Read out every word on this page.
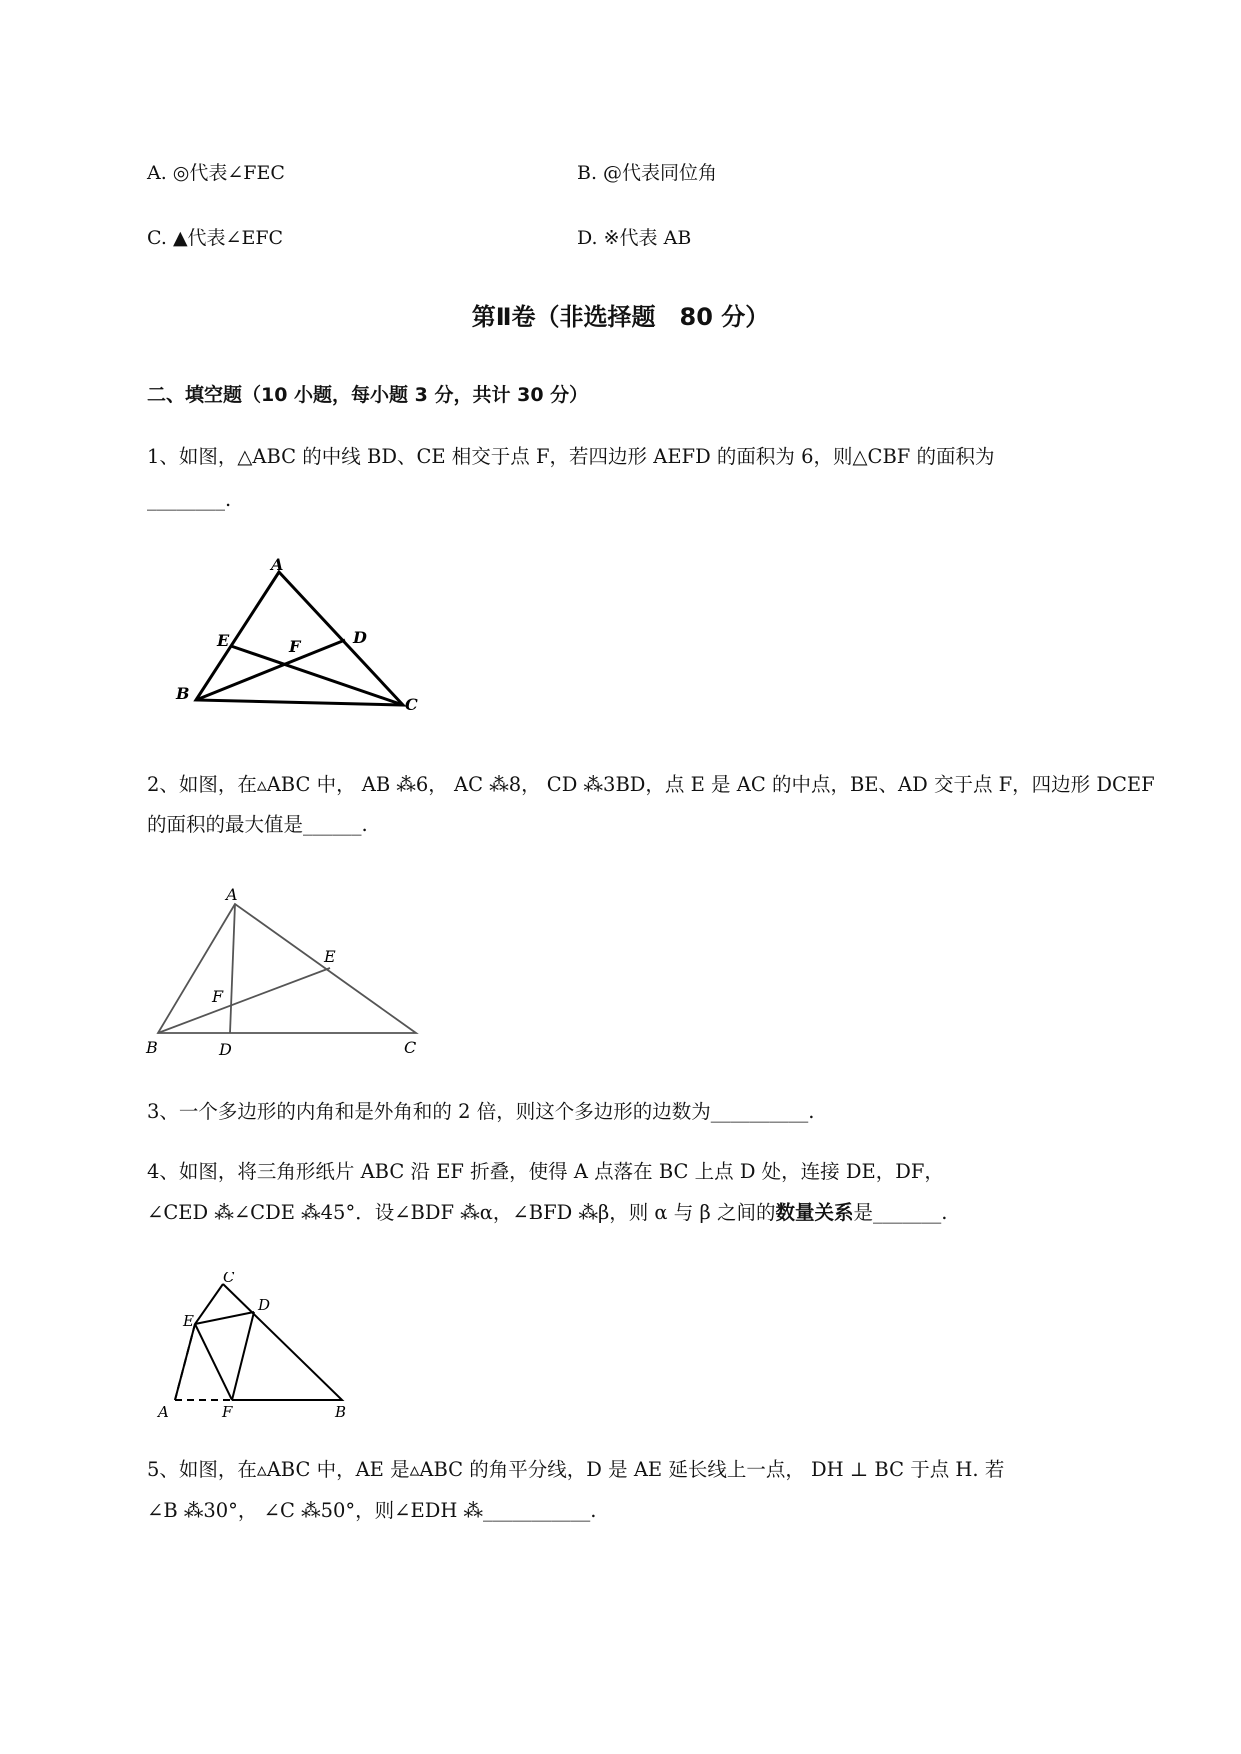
A. ◎代表∠FEC	B. @代表同位角
C. ▲代表∠EFC	D. ※代表 AB
第Ⅱ卷（非选择题　80 分）
二、填空题（10 小题，每小题 3 分，共计 30 分）
1、如图，△ABC 的中线 BD、CE 相交于点 F，若四边形 AEFD 的面积为 6，则△CBF 的面积为
________.
A
B
C
D
E	F
2、如图，在▵ABC 中， AB ⁂6， AC ⁂8， CD ⁂3BD，点 E 是 AC 的中点，BE、AD 交于点 F，四边形 DCEF
的面积的最大值是______.
A
B	C
D
E
F
3、一个多边形的内角和是外角和的 2 倍，则这个多边形的边数为__________.
4、如图，将三角形纸片 ABC 沿 EF 折叠，使得 A 点落在 BC 上点 D 处，连接 DE，DF，
∠CED ⁂∠CDE ⁂45°．设∠BDF ⁂α，∠BFD ⁂β，则 α 与 β 之间的数量关系是_______.
C
D
E
A	F	B
5、如图，在▵ABC 中，AE 是▵ABC 的角平分线，D 是 AE 延长线上一点， DH ⊥ BC 于点 H. 若
∠B ⁂30°， ∠C ⁂50°，则∠EDH ⁂___________.
